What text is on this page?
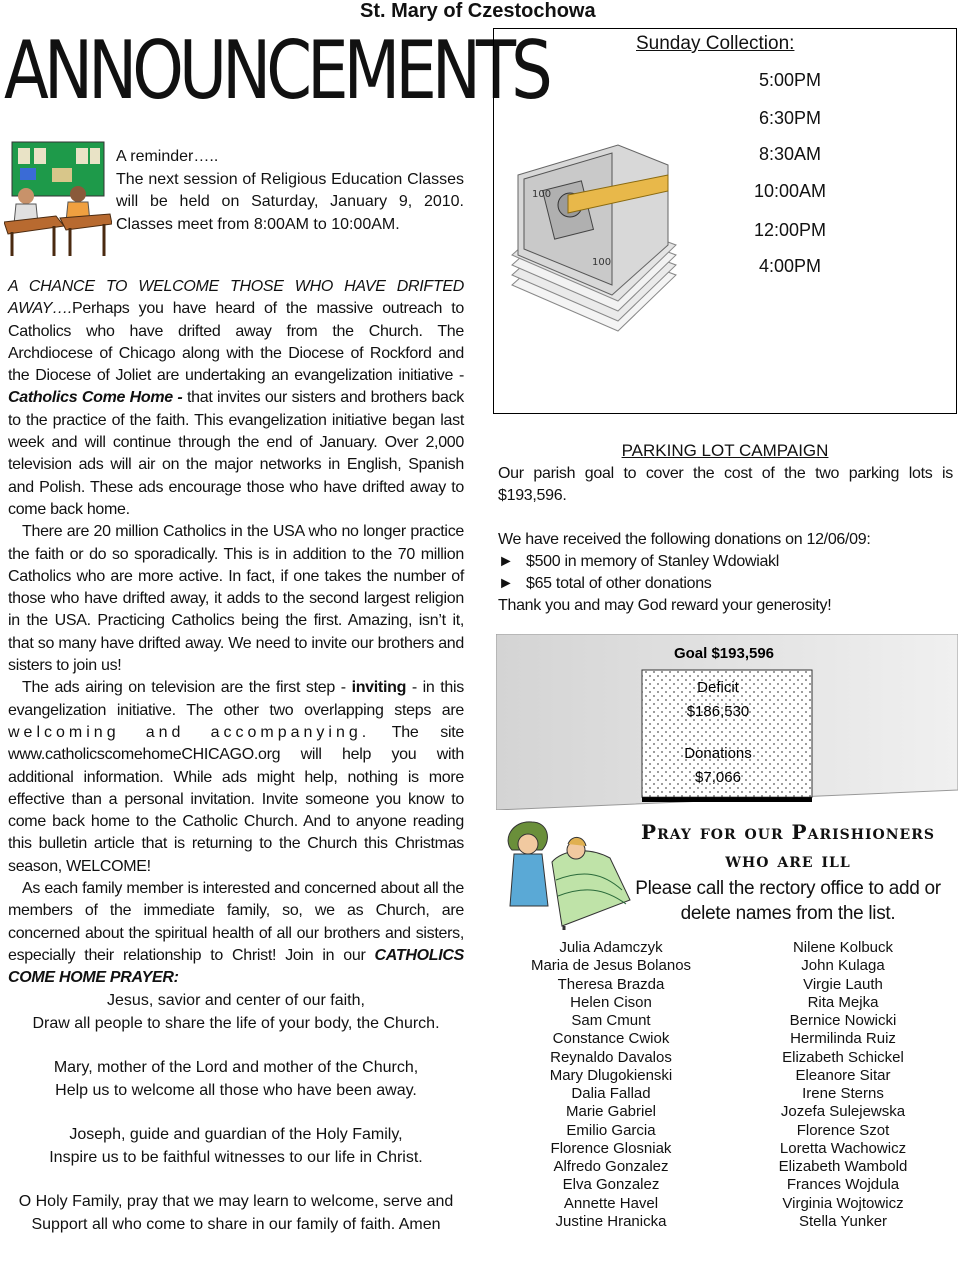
St. Mary of Czestochowa
ANNOUNCEMENTS
A reminder…..
The next session of Religious Education Classes will be held on Saturday, January 9, 2010. Classes meet from 8:00AM to 10:00AM.

A CHANCE TO WELCOME THOSE WHO HAVE DRIFTED AWAY….Perhaps you have heard of the massive outreach to Catholics who have drifted away from the Church. The Archdiocese of Chicago along with the Diocese of Rockford and the Diocese of Joliet are undertaking an evangelization initiative - Catholics Come Home - that invites our sisters and brothers back to the practice of the faith. This evangelization initiative began last week and will continue through the end of January. Over 2,000 television ads will air on the major networks in English, Spanish and Polish. These ads encourage those who have drifted away to come back home.

There are 20 million Catholics in the USA who no longer practice the faith or do so sporadically. This is in addition to the 70 million Catholics who are more active. In fact, if one takes the number of those who have drifted away, it adds to the second largest religion in the USA. Practicing Catholics being the first. Amazing, isn’t it, that so many have drifted away. We need to invite our brothers and sisters to join us!

The ads airing on television are the first step - inviting - in this evangelization initiative. The other two overlapping steps are welcoming and accompanying. The site www.catholicscomehomeCHICAGO.org will help you with additional information. While ads might help, nothing is more effective than a personal invitation. Invite someone you know to come back home to the Catholic Church. And to anyone reading this bulletin article that is returning to the Church this Christmas season, WELCOME!

As each family member is interested and concerned about all the members of the immediate family, so, we as Church, are concerned about the spiritual health of all our brothers and sisters, especially their relationship to Christ! Join in our CATHOLICS COME HOME PRAYER:

Jesus, savior and center of our faith,
Draw all people to share the life of your body, the Church.

Mary, mother of the Lord and mother of the Church,
Help us to welcome all those who have been away.

Joseph, guide and guardian of the Holy Family,
Inspire us to be faithful witnesses to our life in Christ.

O Holy Family, pray that we may learn to welcome, serve and
Support all who come to share in our family of faith. Amen

Sunday Collection:
5:00PM
6:30PM
8:30AM
10:00AM
12:00PM
4:00PM
100
100
PARKING LOT CAMPAIGN

Our parish goal to cover the cost of the two parking lots is $193,596.

We have received the following donations on 12/06/09:

► $500 in memory of Stanley Wdowiakl

► $65 total of other donations

Thank you and may God reward your generosity!

Goal $193,596
Deficit
$186,530
Donations
$7,066
Pray for our Parishioners
who are ill
Please call the rectory office to add or delete names from the list.
Julia Adamczyk
Maria de Jesus Bolanos
Theresa Brazda
Helen Cison
Sam Cmunt
Constance Cwiok
Reynaldo Davalos
Mary Dlugokienski
Dalia Fallad
Marie Gabriel
Emilio Garcia
Florence Glosniak
Alfredo Gonzalez
Elva Gonzalez
Annette Havel
Justine Hranicka
Nilene Kolbuck
John Kulaga
Virgie Lauth
Rita Mejka
Bernice Nowicki
Hermilinda Ruiz
Elizabeth Schickel
Eleanore Sitar
Irene Sterns
Jozefa Sulejewska
Florence Szot
Loretta Wachowicz
Elizabeth Wambold
Frances Wojdula
Virginia Wojtowicz
Stella Yunker
